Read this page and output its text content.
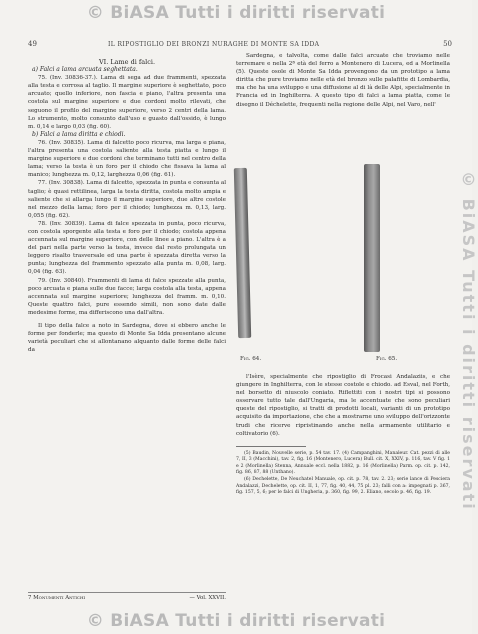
© BiASA Tutti i diritti riservati
© BiASA Tutti i diritti riservati
49	IL RIPOSTIGLIO DEI BRONZI NURAGHE DI MONTE SA IDDA	50

VI. Lame di falci.

a) Falci a lama arcuata seghettata.

75. (Inv. 30836-37.). Lama di sega ad due frammenti, spezzata alla testa e corrosa al taglio. Il margine superiore è seghettato, poco arcuato; quello inferiore, non fascia e piano, l'altra presenta una costola sul margine superiore e due cordoni molto rilevati, che seguono il profilo del margine superiore, verso 2 centri della lama. Lo strumento, molto consunto dall'uso e guasto dall'ossido, è lungo m. 0,14 e largo 0,03 (fig. 60).

b) Falci a lama diritta e chiodi.

76. (Inv. 30835). Lama di falcetto poco ricurva, ma larga e piana, l'altra presenta una costola saliente alla testa piatta e lungo il margine superiore e due cordoni che terminano tutti nel centro della lama; verso la testa è un foro per il chiodo che fissava la lama al manico; lunghezza m. 0,12, larghezza 0,06 (fig. 61).

77. (Inv. 30838). Lama di falcetto, spezzata in punta e consunta al taglio; è quasi rettilinea, larga la testa diritta, costola molto ampia e saliente che si allarga lungo il margine superiore, due altre costole nel mezzo della lama; foro per il chiodo; lunghezza m. 0,13, larg. 0,055 (fig. 62).

78. (Inv. 30839). Lama di falce spezzata in punta, poco ricurva, con costola sporgente alla testa e foro per il chiodo; costola appena accennata sul margine superiore, con delle linee a piano. L'altra è a del pari nella parte verso la testa, invece dal resto prolungata un leggero risalto trasversale ed una parte è spezzata diretta verso la punta; lunghezza del frammento spezzato alla punta m. 0,08, larg. 0,04 (fig. 63).

79. (Inv. 30840). Frammenti di lama di falce spezzate alla punta, poco arcuata e piana sulle due facce; larga costola alla testa, appena accennata sul margine superiore; lunghezza del framm. m. 0,10. Queste quattro falci, pure essendo simili, non sono date dalle medesime forme, ma differiscono una dall'altra.

Il tipo della falce a noto in Sardegna, dove si ebbero anche le forme per fonderle; ma questo di Monte Sa Idda presentano alcune varietà peculiari che si allontanano alquanto dalle forme delle falci da

7 Monumenti Antichi	— Vol. XXVII.

Sardegna, e talvolta, come dalle falci arcuate che troviamo nelle terremare e nella 2ª età del ferro a Montenero di Lucera, ed a Morlinella (5). Queste osole di Monte Sa Idda provengono da un prototipo a lama diritta che pure troviamo nelle età del bronzo sulle palafitte di Lombardia, ma che ha una sviluppo e una diffusione al di là delle Alpi, specialmente in Francia ed in Inghilterra. A questo tipo di falci a lama piatta, come le disegno il Déchelette, frequenti nella regione delle Alpi, nel Varo, nell'

Fig. 64.	Fig. 65.

l'Isère, specialmente che ripostiglio di Frocasi Andalaziis, e che giungere in Inghilterra, con le stesse costole e chiodo. ad Esval, nel Forth, nel borsetto di niuscolo coniato. Riflettiti con i nostri tipi si possono osservare tutto tale dall'Ungaria, ma le accentuate che sono peculiari queste del ripostiglio, si tratti di prodotti locali, varianti di un prototipo acquisito da importazione, che che a mostrarne uno sviluppo dell'orizzonte trudi che ricerve ripristinando anche nella armamente utilitario e coltivatorio (6).

(5) Baudin, Nouvelle serie, p. 54 tav. 17. (4) Campanghini, Manaleur. Cat. pezzi di alle 7, II, 3 (Macchini), tav. 2, fig. 16 (Montenero, Lucera) Bull. cit. X, XXIV, p. 116, tav. V fig. 1 e 2 (Morlinella) Stenna, Annuale eccl. nella 1882, p. 16 (Morlinella) Parm. op. cit. p. 142, fig. 86, 87, 88 (Unthano).

(6) Dechelette, De Neuchatel Manuale, op. cit. p. 78, tav. 2. 23; serie lance di Pesciera Andalazzi, Dechelette, op. cit. II, 1, 77, fig. 40, 44, 75 pl. 23; falli con a: impegnati p. 367, fig. 157, 5, 6; per le falci di Ungheria, p. 360, fig. 99, 2. Eliano, secolo p. 46, fig. 19.

© BiASA Tutti i diritti riservati
